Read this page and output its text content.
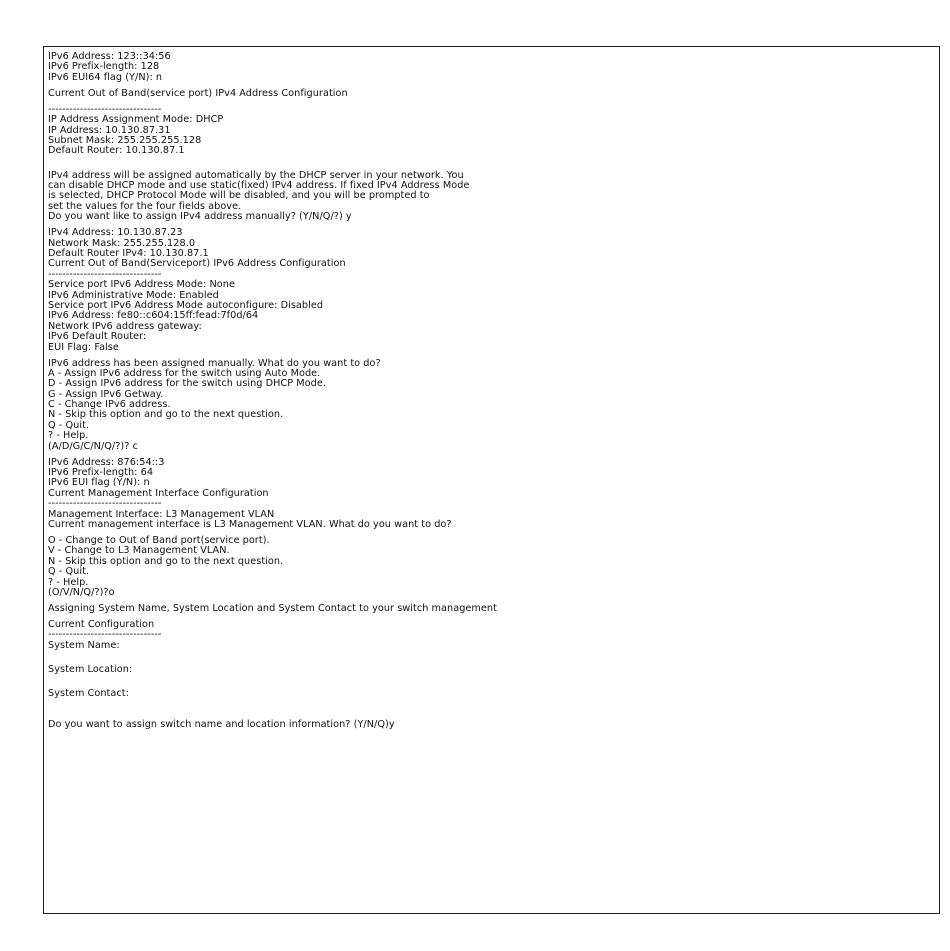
IPv6 Address: 123::34:56
IPv6 Prefix-length: 128
IPv6 EUI64 flag (Y/N): n
Current Out of Band(service port) IPv4 Address Configuration
--------------------------------
IP Address Assignment Mode: DHCP
IP Address: 10.130.87.31
Subnet Mask: 255.255.255.128
Default Router: 10.130.87.1
IPv4 address will be assigned automatically by the DHCP server in your network. You
can disable DHCP mode and use static(fixed) IPv4 address. If fixed IPv4 Address Mode
is selected, DHCP Protocol Mode will be disabled, and you will be prompted to
set the values for the four fields above.
Do you want like to assign IPv4 address manually? (Y/N/Q/?) y
IPv4 Address: 10.130.87.23
Network Mask: 255.255.128.0
Default Router IPv4: 10.130.87.1
Current Out of Band(Serviceport) IPv6 Address Configuration
--------------------------------
Service port IPv6 Address Mode: None
IPv6 Administrative Mode: Enabled
Service port IPv6 Address Mode autoconfigure: Disabled
IPv6 Address: fe80::c604:15ff:fead:7f0d/64
Network IPv6 address gateway:
IPv6 Default Router:
EUI Flag: False
IPv6 address has been assigned manually. What do you want to do?
A - Assign IPv6 address for the switch using Auto Mode.
D - Assign IPv6 address for the switch using DHCP Mode.
G - Assign IPv6 Getway.
C - Change IPv6 address.
N - Skip this option and go to the next question.
Q - Quit.
? - Help.
(A/D/G/C/N/Q/?)? c
IPv6 Address: 876:54::3
IPv6 Prefix-length: 64
IPv6 EUI flag (Y/N): n
Current Management Interface Configuration
--------------------------------
Management Interface: L3 Management VLAN
Current management interface is L3 Management VLAN. What do you want to do?
O - Change to Out of Band port(service port).
V - Change to L3 Management VLAN.
N - Skip this option and go to the next question.
Q - Quit.
? - Help.
(O/V/N/Q/?)?o
Assigning System Name, System Location and System Contact to your switch management
Current Configuration
--------------------------------
System Name:
System Location:
System Contact:
Do you want to assign switch name and location information? (Y/N/Q)y
